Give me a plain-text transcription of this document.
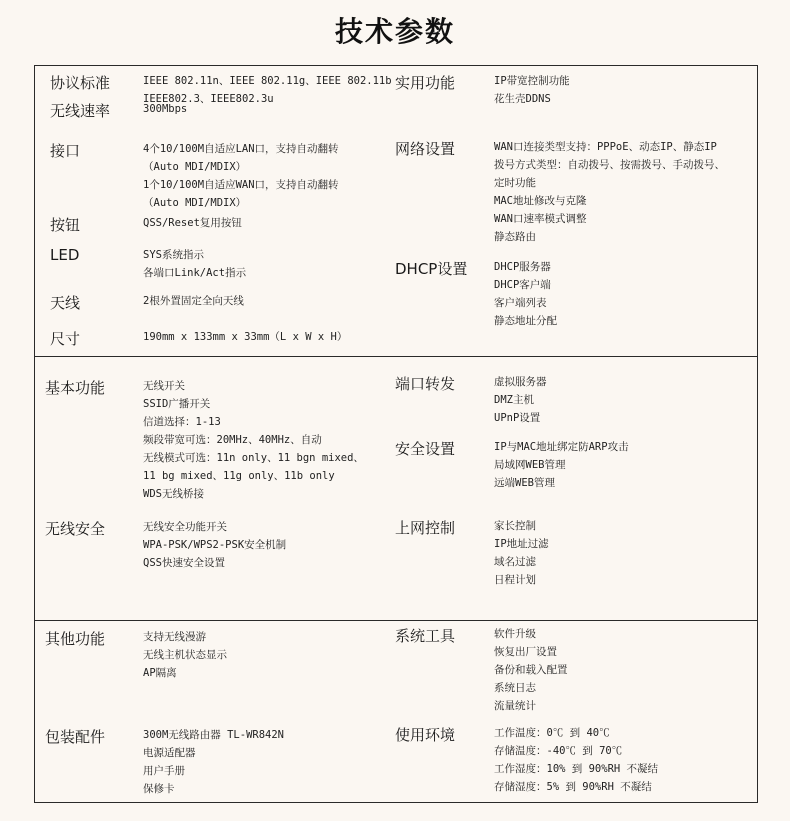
技术参数
协议标准	IEEE 802.11n、IEEE 802.11g、IEEE 802.11b
IEEE802.3、IEEE802.3u
无线速率	300Mbps
接口	4个10/100M自适应LAN口，支持自动翻转
（Auto MDI/MDIX）
1个10/100M自适应WAN口，支持自动翻转
（Auto MDI/MDIX）
按钮	QSS/Reset复用按钮
LED	SYS系统指示
各端口Link/Act指示
天线	2根外置固定全向天线
尺寸	190mm x 133mm x 33mm（L x W x H）
实用功能	IP带宽控制功能
花生壳DDNS
网络设置	WAN口连接类型支持：PPPoE、动态IP、静态IP
拨号方式类型：自动拨号、按需拨号、手动拨号、
定时功能
MAC地址修改与克隆
WAN口速率模式调整
静态路由
DHCP设置	DHCP服务器
DHCP客户端
客户端列表
静态地址分配
基本功能	无线开关
SSID广播开关
信道选择：1-13
频段带宽可选：20MHz、40MHz、自动
无线模式可选：11n only、11 bgn mixed、
11 bg mixed、11g only、11b only
WDS无线桥接
无线安全	无线安全功能开关
WPA-PSK/WPS2-PSK安全机制
QSS快速安全设置
端口转发	虚拟服务器
DMZ主机
UPnP设置
安全设置	IP与MAC地址绑定防ARP攻击
局域网WEB管理
远端WEB管理
上网控制	家长控制
IP地址过滤
域名过滤
日程计划
其他功能	支持无线漫游
无线主机状态显示
AP隔离
包装配件	300M无线路由器 TL-WR842N
电源适配器
用户手册
保修卡
系统工具	软件升级
恢复出厂设置
备份和载入配置
系统日志
流量统计
使用环境	工作温度：0℃ 到 40℃
存储温度：-40℃ 到 70℃
工作湿度：10% 到 90%RH 不凝结
存储湿度：5% 到 90%RH 不凝结
